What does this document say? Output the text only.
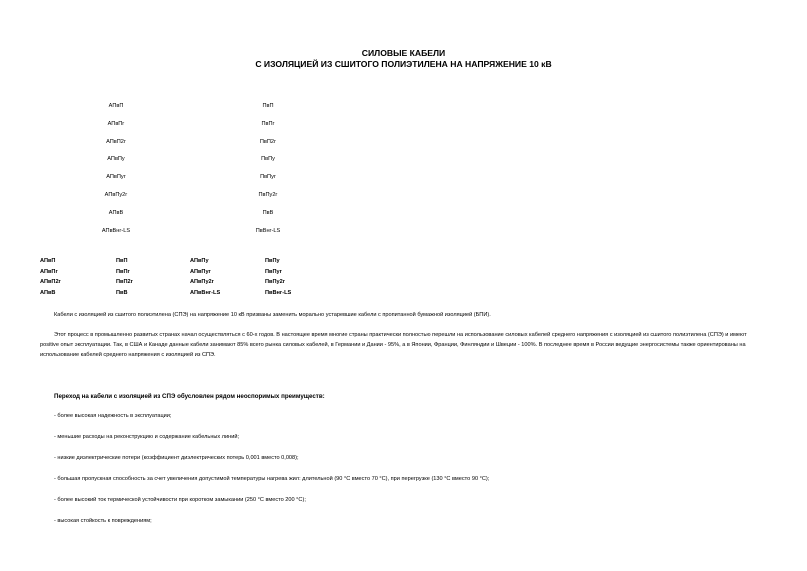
СИЛОВЫЕ КАБЕЛИ
С ИЗОЛЯЦИЕЙ ИЗ СШИТОГО ПОЛИЭТИЛЕНА НА НАПРЯЖЕНИЕ 10 кВ
АПвП
АПвПг
АПвП2г
АПвПу
АПвПуг
АПвПу2г
АПвВ
АПвВнг-LS
ПвП
ПвПг
ПвП2г
ПвПу
ПвПуг
ПвПу2г
ПвВ
ПвВнг-LS
АПвП
АПвПг
АПвП2г
АПвВ
ПвП
ПвПг
ПвП2г
ПвВ
АПвПу
АПвПуг
АПвПу2г
АПвВнг-LS
ПвПу
ПвПуг
ПвПу2г
ПвВнг-LS
Кабели с изоляцией из сшитого полиэтилена (СПЭ) на напряжение 10 кВ призваны заменить морально устаревшие кабели с пропитанной бумажной изоляцией (БПИ).
Этот процесс в промышленно развитых странах начал осуществляться с 60-х годов. В настоящее время многие страны практически полностью перешли на использование силовых кабелей среднего напряжения с изоляцией из сшитого полиэтилена (СПЭ) и имеют positive опыт эксплуатации. Так, в США и Канаде данные кабели занимают 85% всего рынка силовых кабелей, в Германии и Дании - 95%, а в Японии, Франции, Финляндии и Швеции - 100%. В последнее время в России ведущие энергосистемы также ориентированы на использование кабелей среднего напряжения с изоляцией из СПЭ.
Переход на кабели с изоляцией из СПЭ обусловлен рядом неоспоримых преимуществ:
- более высокая надежность в эксплуатации;
- меньшие расходы на реконструкцию и содержание кабельных линий;
- низкие диэлектрические потери (коэффициент диэлектрических потерь 0,001 вместо 0,008);
- большая пропускная способность за счет увеличения допустимой температуры нагрева жил: длительной (90 °С вместо 70 °С), при перегрузке (130 °С вместо 90 °С);
- более высокий ток термической устойчивости при коротком замыкании (250 °С вместо 200 °С);
- высокая стойкость к повреждениям;
